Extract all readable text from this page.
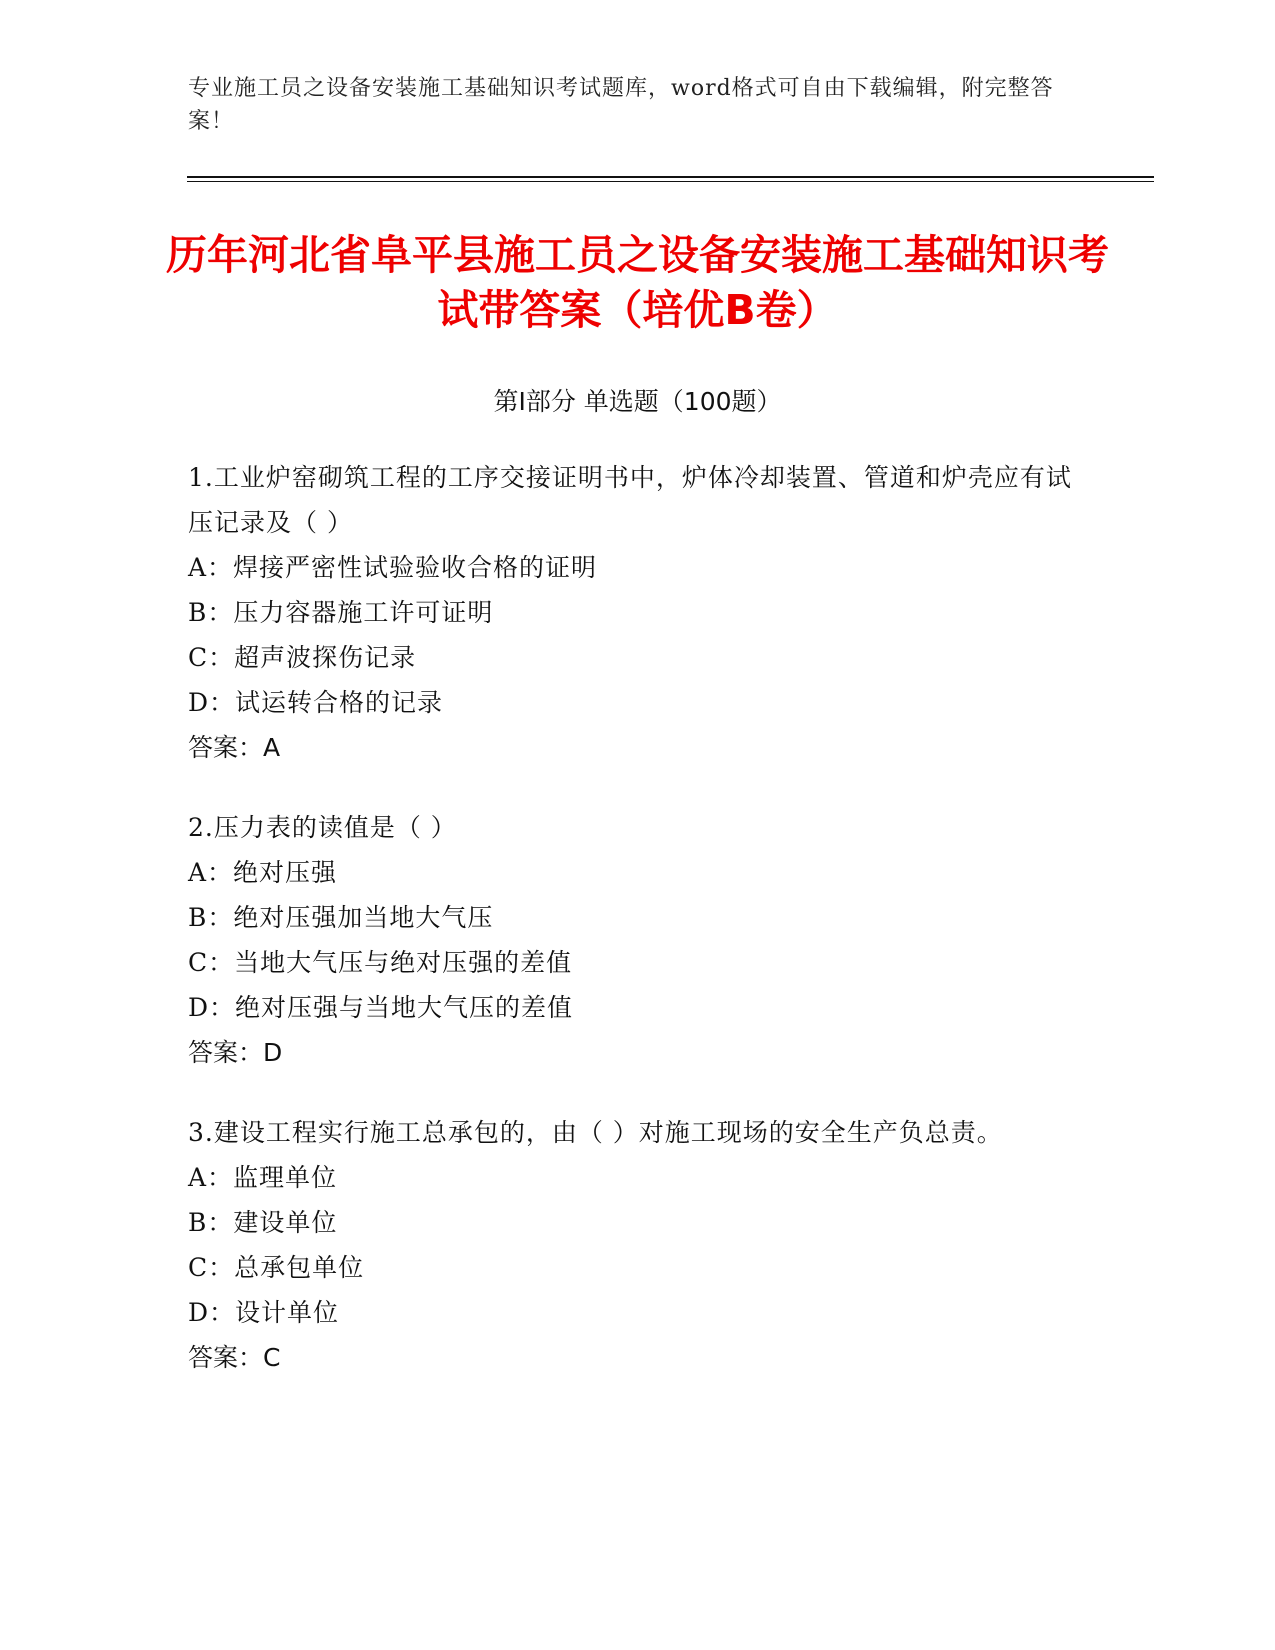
专业施工员之设备安装施工基础知识考试题库，word格式可自由下载编辑，附完整答案！
历年河北省阜平县施工员之设备安装施工基础知识考试带答案（培优B卷）
第I部分 单选题（100题）
1.工业炉窑砌筑工程的工序交接证明书中，炉体冷却装置、管道和炉壳应有试压记录及（ ）
A：焊接严密性试验验收合格的证明
B：压力容器施工许可证明
C：超声波探伤记录
D：试运转合格的记录
答案：A
2.压力表的读值是（ ）
A：绝对压强
B：绝对压强加当地大气压
C：当地大气压与绝对压强的差值
D：绝对压强与当地大气压的差值
答案：D
3.建设工程实行施工总承包的，由（ ）对施工现场的安全生产负总责。
A：监理单位
B：建设单位
C：总承包单位
D：设计单位
答案：C
